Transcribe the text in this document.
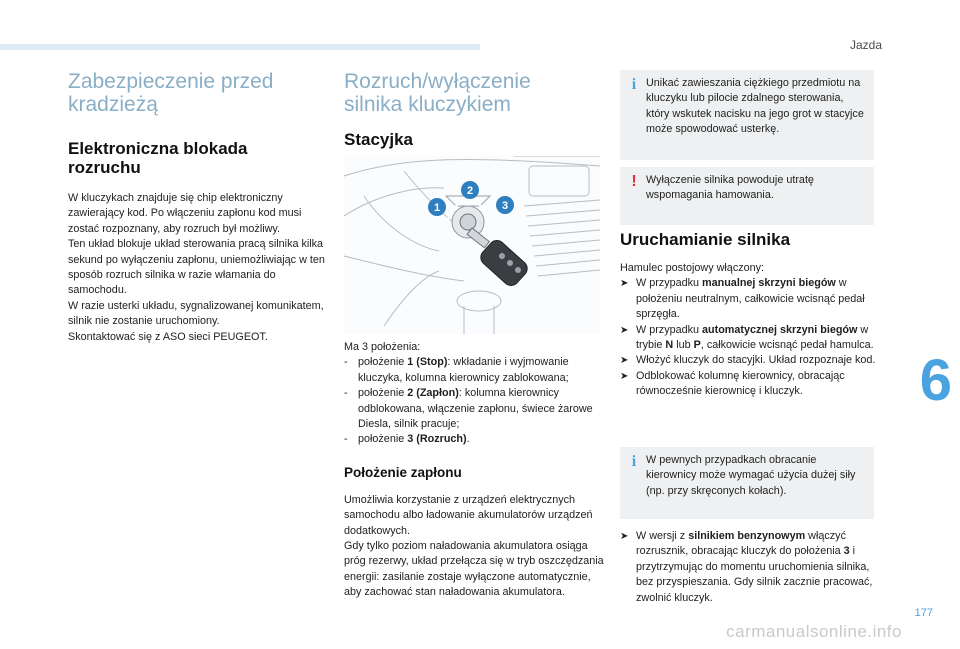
Jazda
6
177
carmanualsonline.info
Zabezpieczenie przed
kradzieżą
Elektroniczna blokada
rozruchu
W kluczykach znajduje się chip elektroniczny zawierający kod. Po włączeniu zapłonu kod musi zostać rozpoznany, aby rozruch był możliwy.
Ten układ blokuje układ sterowania pracą silnika kilka sekund po wyłączeniu zapłonu, uniemożliwiając w ten sposób rozruch silnika w razie włamania do samochodu.
W razie usterki układu, sygnalizowanej komunikatem, silnik nie zostanie uruchomiony.
Skontaktować się z ASO sieci PEUGEOT.
Rozruch/wyłączenie
silnika kluczykiem
Stacyjka
1
2
3
Ma 3 położenia:
- położenie 1 (Stop): wkładanie i wyjmowanie kluczyka, kolumna kierownicy zablokowana;
- położenie 2 (Zapłon): kolumna kierownicy odblokowana, włączenie zapłonu, świece żarowe Diesla, silnik pracuje;
- położenie 3 (Rozruch).
Położenie zapłonu
Umożliwia korzystanie z urządzeń elektrycznych samochodu albo ładowanie akumulatorów urządzeń dodatkowych.
Gdy tylko poziom naładowania akumulatora osiąga próg rezerwy, układ przełącza się w tryb oszczędzania energii: zasilanie zostaje wyłączone automatycznie, aby zachować stan naładowania akumulatora.
i Unikać zawieszania ciężkiego przedmiotu na kluczyku lub pilocie zdalnego sterowania, który wskutek nacisku na jego grot w stacyjce może spowodować usterkę.
! Wyłączenie silnika powoduje utratę wspomagania hamowania.
Uruchamianie silnika
Hamulec postojowy włączony:
➤ W przypadku manualnej skrzyni biegów w położeniu neutralnym, całkowicie wcisnąć pedał sprzęgła.
➤ W przypadku automatycznej skrzyni biegów w trybie N lub P, całkowicie wcisnąć pedał hamulca.
➤ Włożyć kluczyk do stacyjki. Układ rozpoznaje kod.
➤ Odblokować kolumnę kierownicy, obracając równocześnie kierownicę i kluczyk.
i W pewnych przypadkach obracanie kierownicy może wymagać użycia dużej siły (np. przy skręconych kołach).
➤ W wersji z silnikiem benzynowym włączyć rozrusznik, obracając kluczyk do położenia 3 i przytrzymując do momentu uruchomienia silnika, bez przyspieszania. Gdy silnik zacznie pracować, zwolnić kluczyk.
